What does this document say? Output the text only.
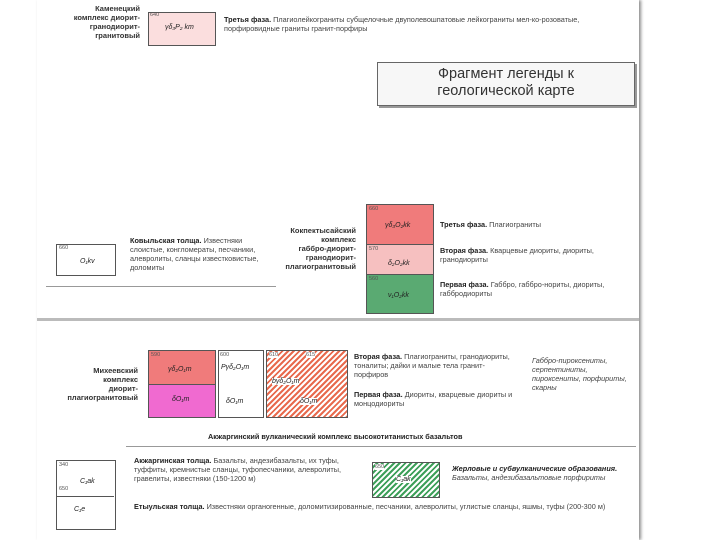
Каменецкий
комплекс диорит-
гранодиорит-
гранитовый
640
γδ₃P₂ km
Третья фаза. Плагиолейкограниты субщелочные двуполевошпатовые лейкограниты мел-ко-розоватые, порфировидные граниты гранит-порфиры
Фрагмент легенды к
геологической карте
660
O₁kv
Ковыльская толща. Известняки слоистые, конгломераты, песчаники, алевролиты, сланцы известковистые, доломиты
Кокпектысайский
комплекс
габбро-диорит-
гранодиорит-
плагиогранитовый
660
γδ₃O₂kk
570
δ₂O₂kk
560
ν₁O₂kk
Третья фаза. Плагиограниты
Вторая фаза. Кварцевые диориты, диориты, гранодиориты
Первая фаза. Габбро, габбро-нориты, диориты, габбродиориты
Михеевский
комплекс
диорит-
плагиогранитовый
590
γδ₂O₁m
δO₁m
600
Pγδ₂O₁m
δO₁m
610	615
bγδ₂O₁m
δO₁m
Вторая фаза. Плагиограниты, гранодиориты, тоналиты; дайки и малые тела гранит-порфиров
Первая фаза. Диориты, кварцевые диориты и монцодиориты
Габбро-пироксениты, серпентиниты, пироксениты, порфириты, скарны
Акжаргинский вулканический комплекс высокотитанистых базальтов
340
650
C₁ak
C₁e
Акжаргинская толща. Базальты, андезибазальты, их туфы, туффиты, кремнистые сланцы, туфопесчаники, алевролиты, гравелиты, известняки (150-1200 м)
Етыульская толща. Известняки органогенные, доломитизированные, песчаники, алевролиты, углистые сланцы, яшмы, туфы (200-300 м)
650
C₁ak
Жерловые и субвулканические образования. Базальты, андезибазальтовые порфириты
